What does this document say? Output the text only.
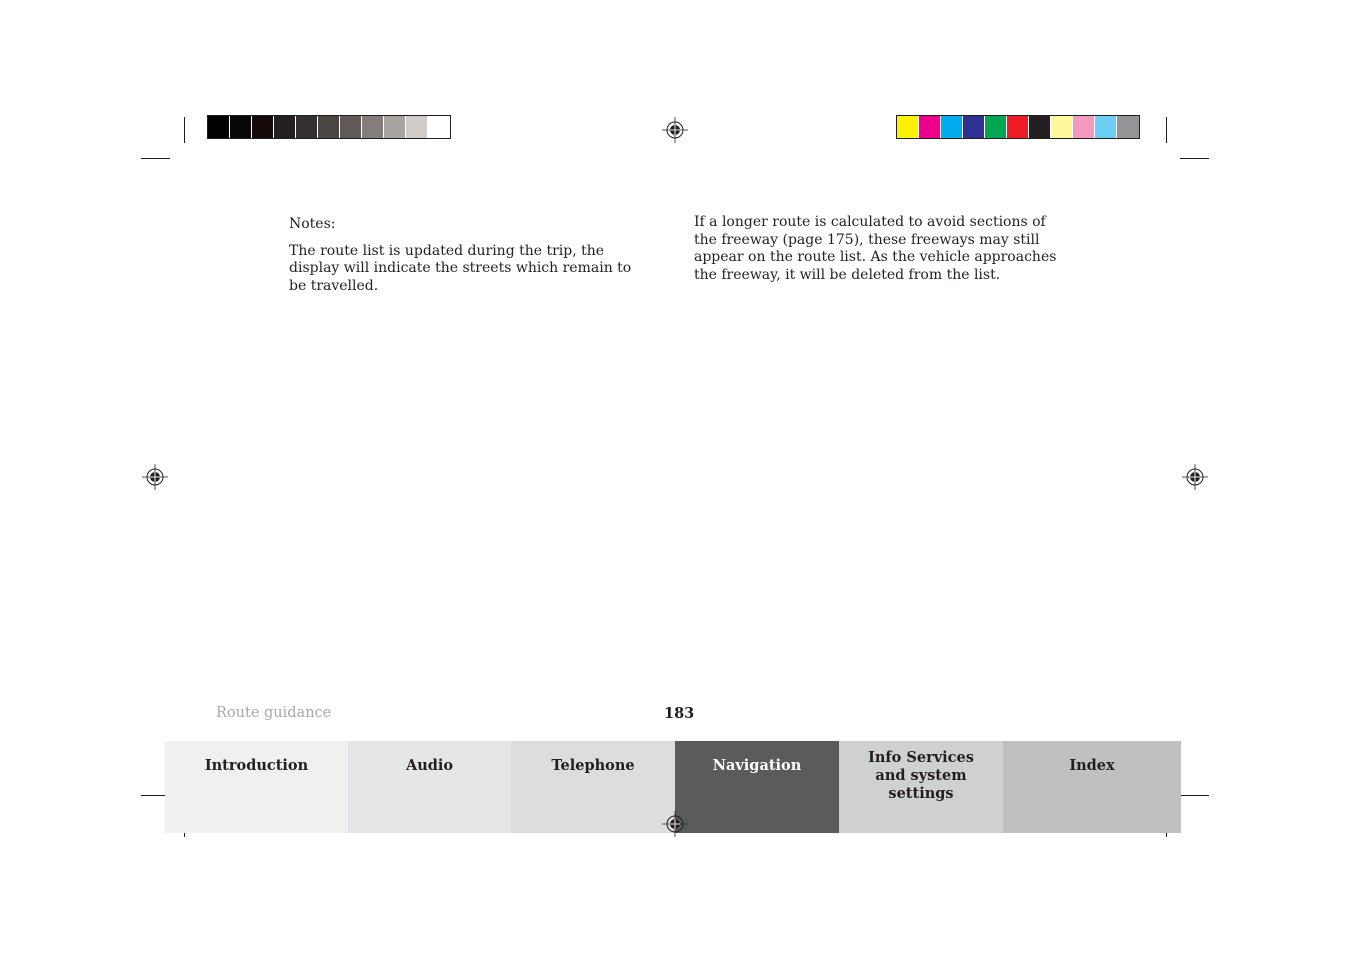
Notes:

The route list is updated during the trip, the display will indicate the streets which remain to be travelled.

If a longer route is calculated to avoid sections of the freeway (page 175), these freeways may still appear on the route list. As the vehicle approaches the freeway, it will be deleted from the list.

Route guidance	183
Introduction	Audio	Telephone	Navigation	Info Services and system settings
Index
